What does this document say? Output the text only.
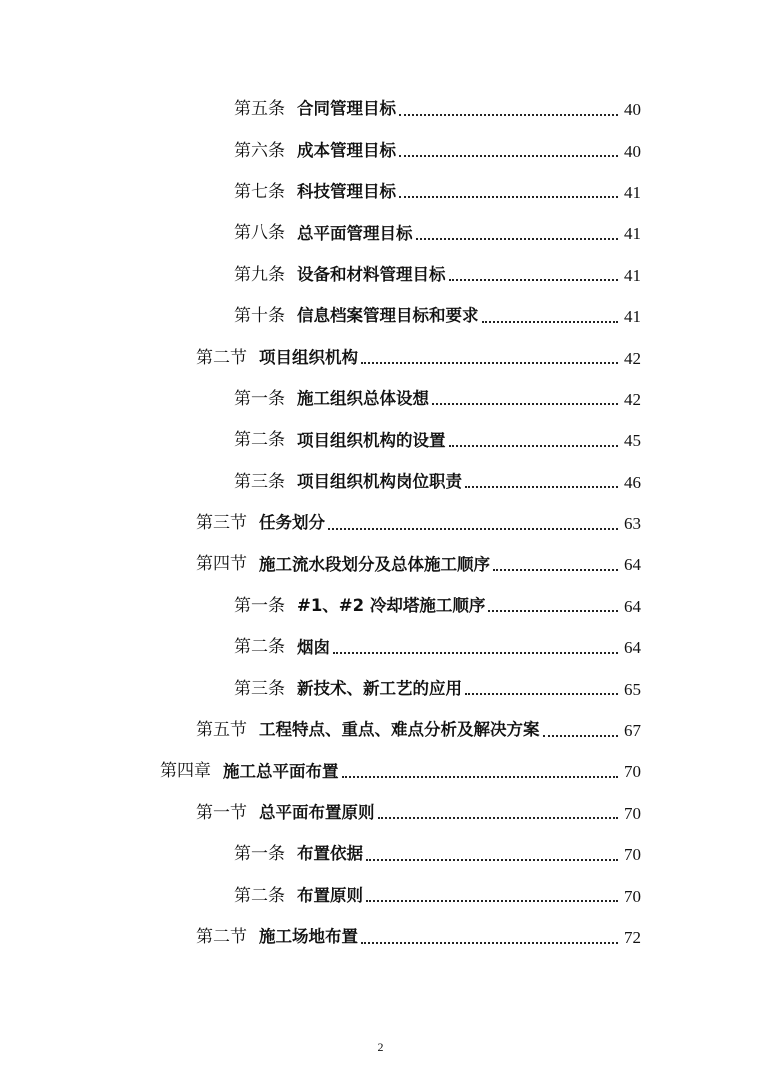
第五条 合同管理目标	40
第六条 成本管理目标	40
第七条 科技管理目标	41
第八条 总平面管理目标	41
第九条 设备和材料管理目标	41
第十条 信息档案管理目标和要求	41
第二节 项目组织机构	42
第一条 施工组织总体设想	42
第二条 项目组织机构的设置	45
第三条 项目组织机构岗位职责	46
第三节 任务划分	63
第四节 施工流水段划分及总体施工顺序	64
第一条 #1、#2 冷却塔施工顺序	64
第二条 烟囱	64
第三条 新技术、新工艺的应用	65
第五节 工程特点、重点、难点分析及解决方案	67
第四章 施工总平面布置	70
第一节 总平面布置原则	70
第一条 布置依据	70
第二条 布置原则	70
第二节 施工场地布置	72
2
